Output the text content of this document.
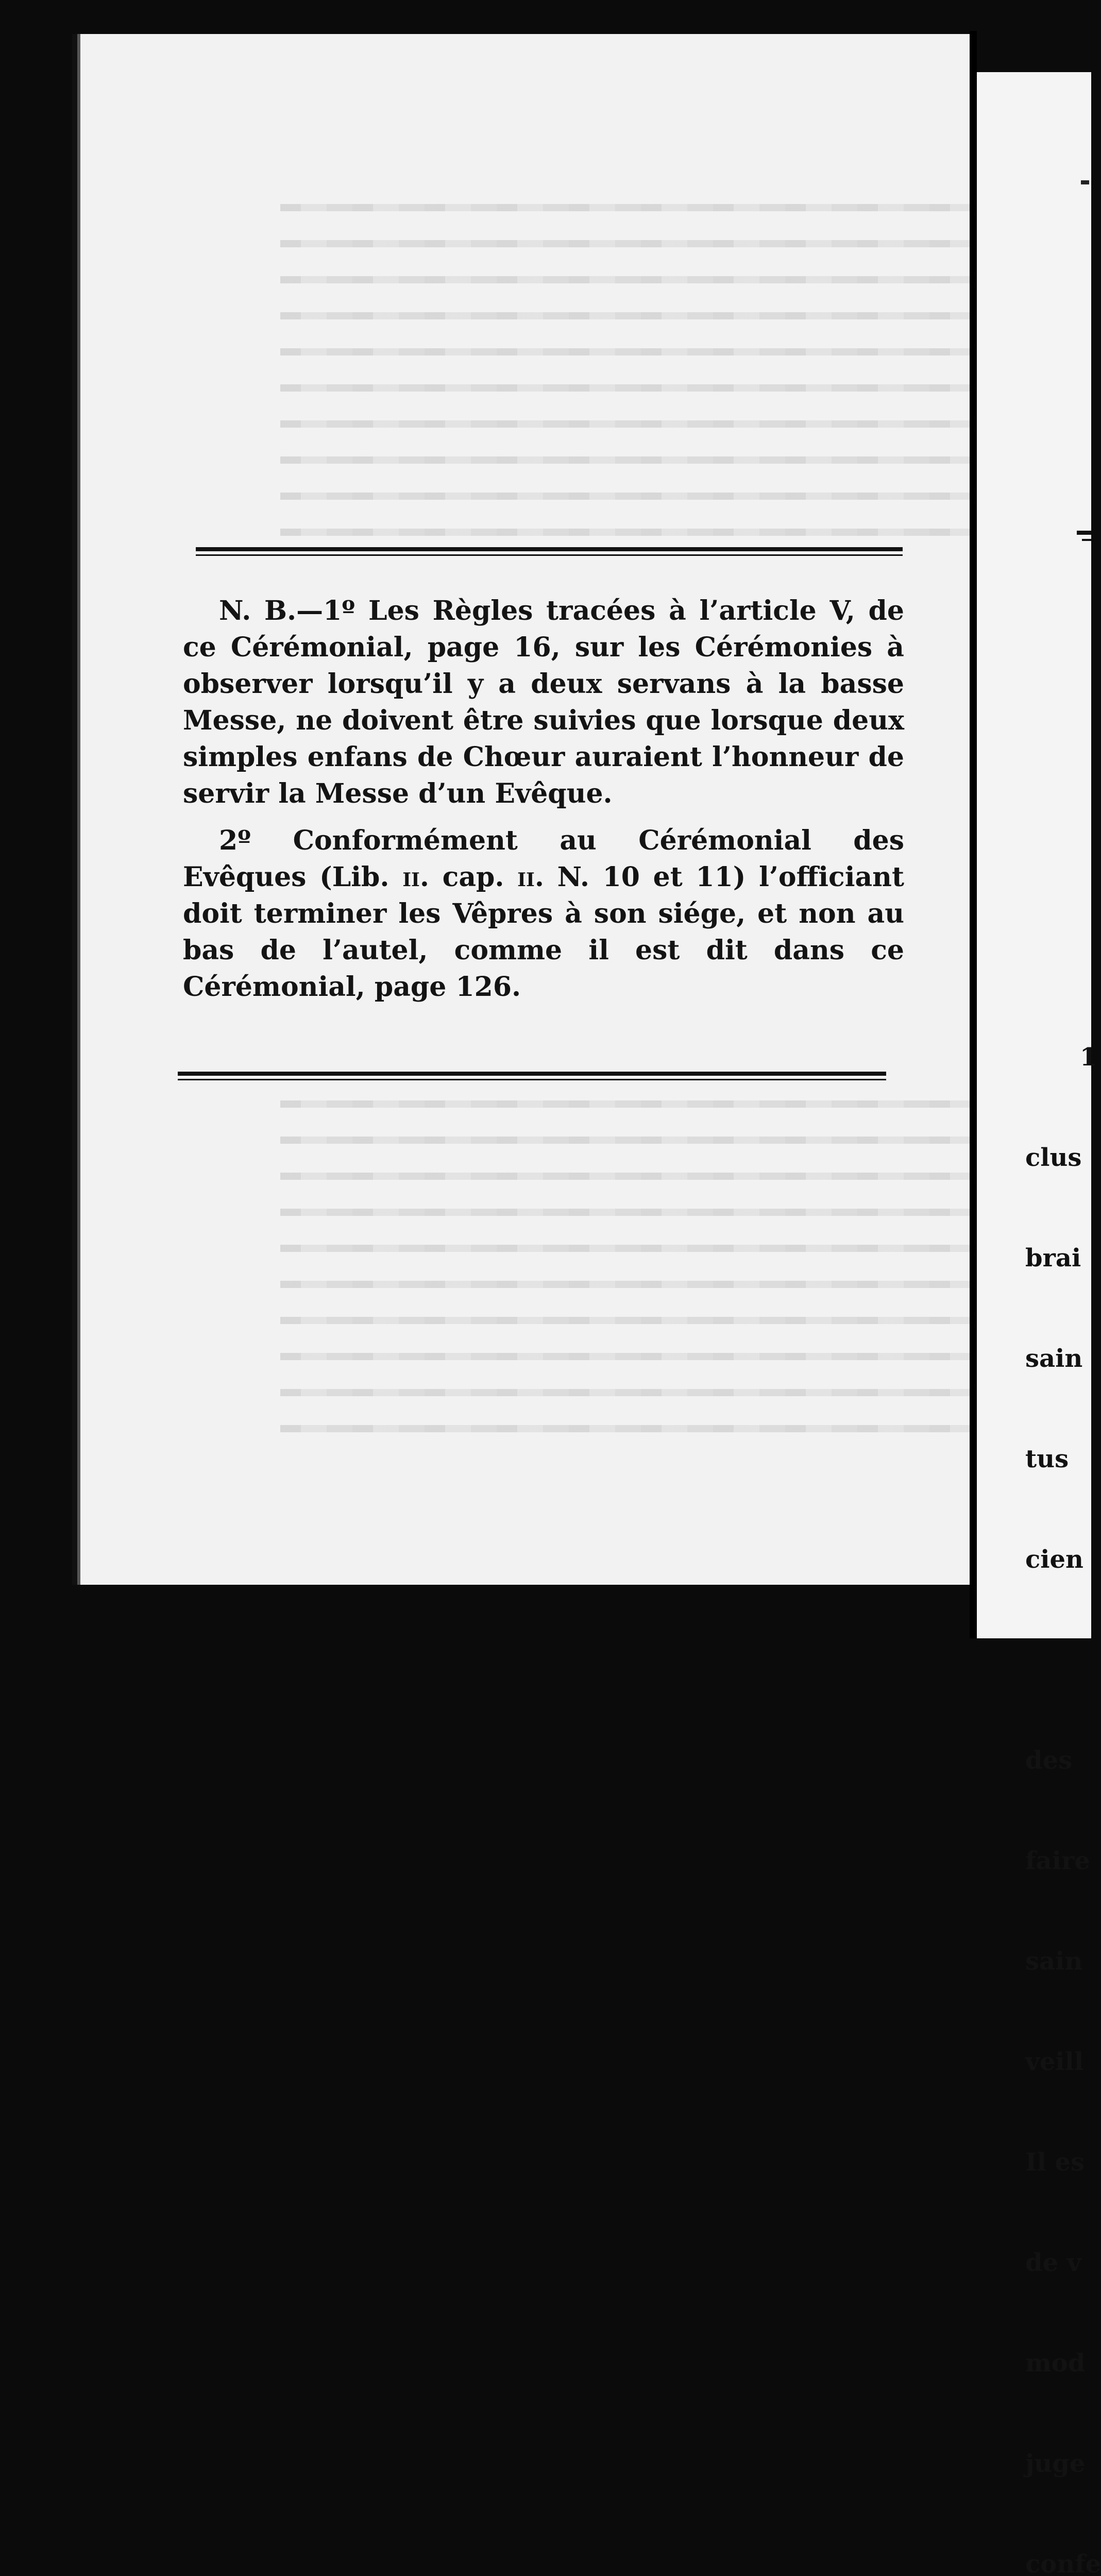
N. B.—1º Les Règles tracées à l’article V, de ce Cérémonial, page 16, sur les Cérémonies à observer lorsqu’il y a deux servans à la basse Messe, ne doivent être suivies que lorsque deux simples enfans de Chœur auraient l’honneur de servir la Messe d’un Evêque.

2º Conformément au Cérémonial des Evêques (Lib. ii. cap. ii. N. 10 et 11) l’officiant doit terminer les Vêpres à son siége, et non au bas de l’autel, comme il est dit dans ce Cérémonial, page 126.

1

clus

brai

sain

tus

cien

des

faire

sain

veill

Il es

de v

mod

juge

confe
